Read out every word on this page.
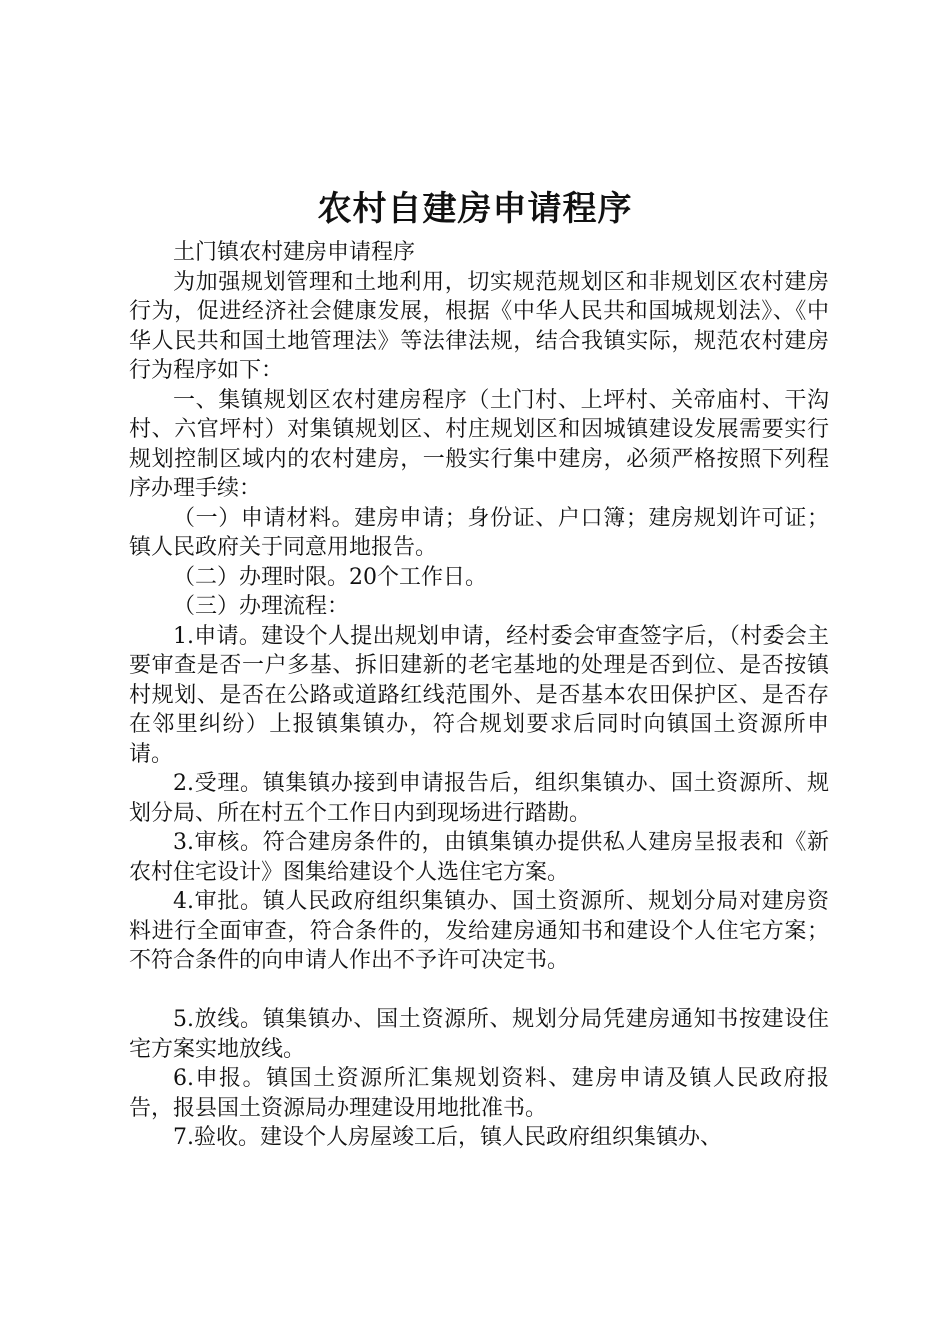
农村自建房申请程序

土门镇农村建房申请程序

为加强规划管理和土地利用，切实规范规划区和非规划区农村建房行为，促进经济社会健康发展，根据《中华人民共和国城规划法》、《中华人民共和国土地管理法》等法律法规，结合我镇实际，规范农村建房行为程序如下：

一、集镇规划区农村建房程序（土门村、上坪村、关帝庙村、干沟村、六官坪村）对集镇规划区、村庄规划区和因城镇建设发展需要实行规划控制区域内的农村建房，一般实行集中建房，必须严格按照下列程序办理手续：

（一）申请材料。建房申请；身份证、户口簿；建房规划许可证；镇人民政府关于同意用地报告。

（二）办理时限。20个工作日。

（三）办理流程：

1.申请。建设个人提出规划申请，经村委会审查签字后，（村委会主要审查是否一户多基、拆旧建新的老宅基地的处理是否到位、是否按镇村规划、是否在公路或道路红线范围外、是否基本农田保护区、是否存在邻里纠纷）上报镇集镇办，符合规划要求后同时向镇国土资源所申请。

2.受理。镇集镇办接到申请报告后，组织集镇办、国土资源所、规划分局、所在村五个工作日内到现场进行踏勘。

3.审核。符合建房条件的，由镇集镇办提供私人建房呈报表和《新农村住宅设计》图集给建设个人选住宅方案。

4.审批。镇人民政府组织集镇办、国土资源所、规划分局对建房资料进行全面审查，符合条件的，发给建房通知书和建设个人住宅方案；不符合条件的向申请人作出不予许可决定书。

5.放线。镇集镇办、国土资源所、规划分局凭建房通知书按建设住宅方案实地放线。

6.申报。镇国土资源所汇集规划资料、建房申请及镇人民政府报告，报县国土资源局办理建设用地批准书。

7.验收。建设个人房屋竣工后，镇人民政府组织集镇办、
